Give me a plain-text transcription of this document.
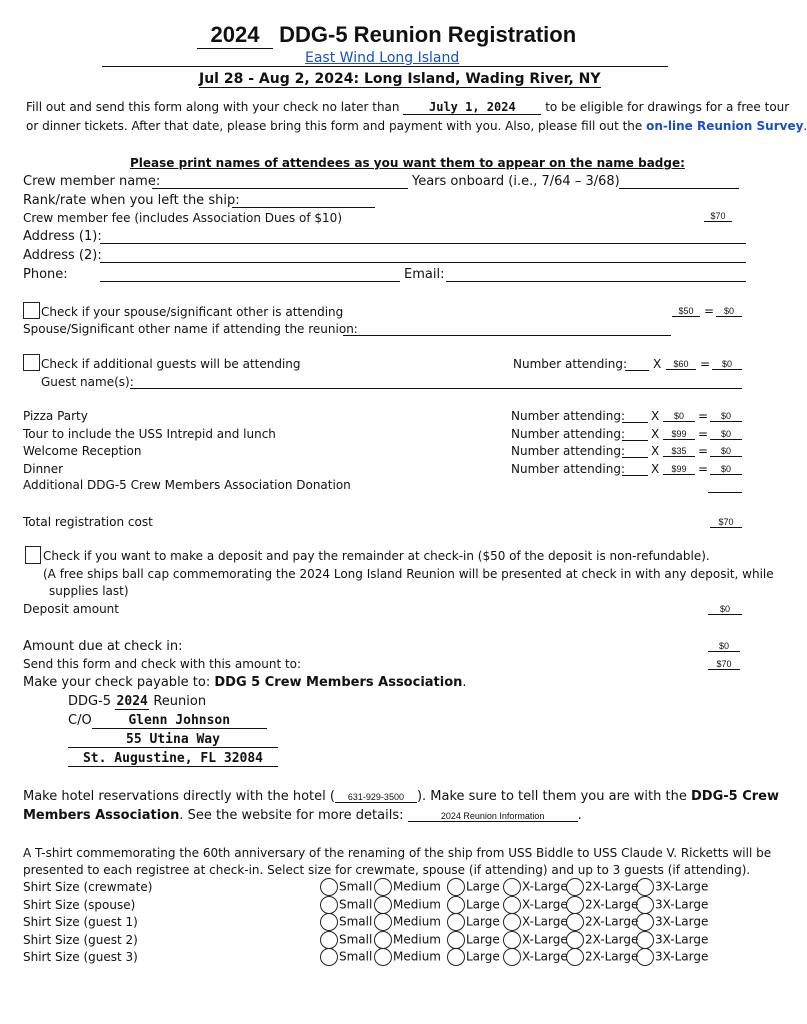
2024 DDG-5 Reunion Registration
East Wind Long Island
Jul 28 - Aug 2, 2024: Long Island, Wading River, NY
Fill out and send this form along with your check no later than July 1, 2024 to be eligible for drawings for a free tour
or dinner tickets. After that date, please bring this form and payment with you. Also, please fill out the on-line Reunion Survey.
Please print names of attendees as you want them to appear on the name badge:
Crew member name:	Years onboard (i.e., 7/64 – 3/68)
Rank/rate when you left the ship:
Crew member fee (includes Association Dues of $10)	$70
Address (1):
Address (2):
Phone:	Email:
Check if your spouse/significant other is attending	$50 =	$0
Spouse/Significant other name if attending the reunion:
Check if additional guests will be attending	Number attending: X	$60 =	$0
Guest name(s):
Pizza Party	Number attending: X	$0	=	$0
Tour to include the USS Intrepid and lunch	Number attending: X	$99 =	$0
Welcome Reception	Number attending: X	$35 =	$0
Dinner	Number attending: X	$99 =	$0
Additional DDG-5 Crew Members Association Donation
Total registration cost	$70
Check if you want to make a deposit and pay the remainder at check-in ($50 of the deposit is non-refundable).
(A free ships ball cap commemorating the 2024 Long Island Reunion will be presented at check in with any deposit, while
supplies last)
Deposit amount	$0
Amount due at check in:	$0
Send this form and check with this amount to:	$70
Make your check payable to: DDG 5 Crew Members Association.
DDG-5 2024 Reunion
C/O	Glenn Johnson
55 Utina Way
St. Augustine, FL 32084
Make hotel reservations directly with the hotel ( 631-929-3500 ). Make sure to tell them you are with the DDG-5 Crew
Members Association. See the website for more details:	2024 Reunion Information	.
A T-shirt commemorating the 60th anniversary of the renaming of the ship from USS Biddle to USS Claude V. Ricketts will be
presented to each registree at check-in. Select size for crewmate, spouse (if attending) and up to 3 guests (if attending).
Shirt Size (crewmate)	Small	Medium	Large	X-Large	2X-Large	3X-Large
Shirt Size (spouse)	Small	Medium	Large	X-Large	2X-Large	3X-Large
Shirt Size (guest 1)	Small	Medium	Large	X-Large	2X-Large	3X-Large
Shirt Size (guest 2)	Small	Medium	Large	X-Large	2X-Large	3X-Large
Shirt Size (guest 3)	Small	Medium	Large	X-Large	2X-Large	3X-Large
